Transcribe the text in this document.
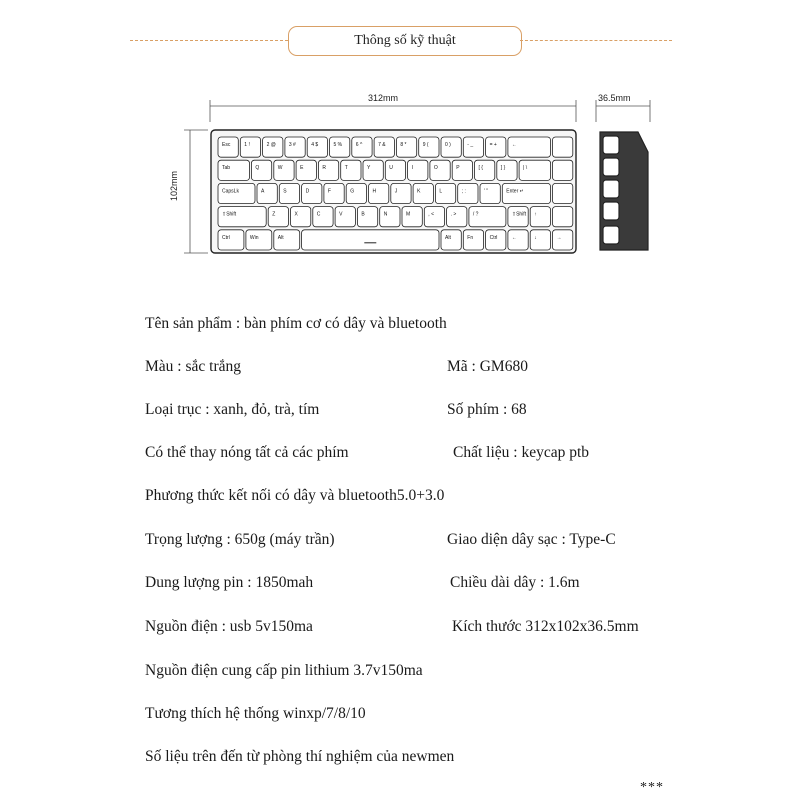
Thông số kỹ thuật
312mm	36.5mm
102mm
Esc	1 !	2 @	3 #	4 $	5 %	6 ^	7 &	8 *	9 (	0 )	- _	= +	←
Tab	Q	W	E	R	T	Y	U	I	O	P	[ {	] }	| \
CapsLk	A	S	D	F	G	H	J	K	L	; :	' "	Enter ↵
⇧Shift	Z	X	C	V	B	N	M	, <	. >	/ ?	⇧Shift ↑
Ctrl	Win	Alt	Alt	Fn	Ctrl	←	↓	→
Tên sản phẩm : bàn phím cơ có dây và bluetooth
Màu : sắc trắng	Mã : GM680
Loại trục : xanh, đỏ, trà, tím	Số phím : 68
Có thể thay nóng tất cả các phím	Chất liệu : keycap ptb
Phương thức kết nối có dây và bluetooth5.0+3.0
Trọng lượng : 650g (máy trần)	Giao diện dây sạc : Type-C
Dung lượng pin : 1850mah	Chiều dài dây : 1.6m
Nguồn điện : usb 5v150ma	Kích thước 312x102x36.5mm
Nguồn điện cung cấp pin lithium 3.7v150ma
Tương thích hệ thống winxp/7/8/10
Số liệu trên đến từ phòng thí nghiệm của newmen
***
